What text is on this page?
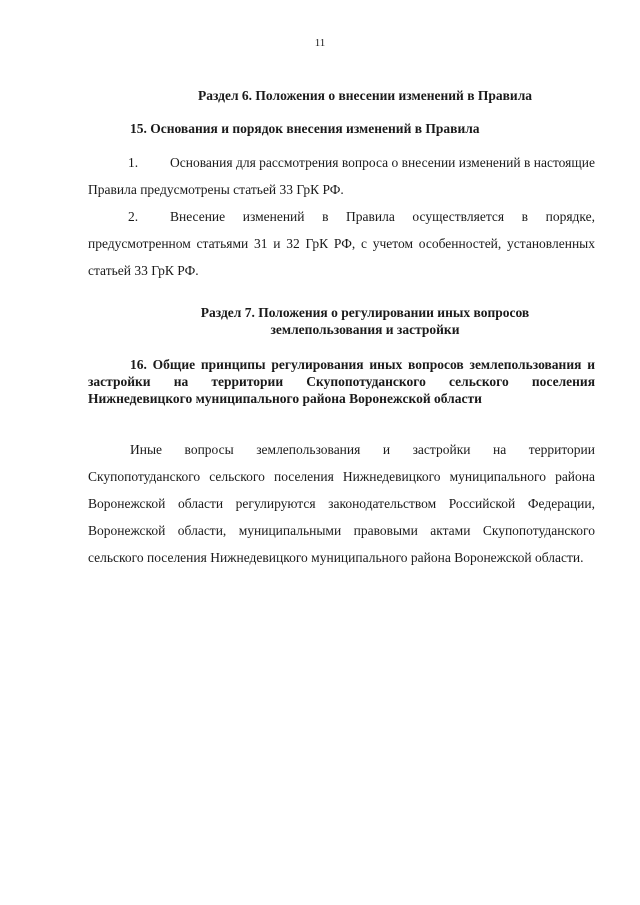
11
Раздел 6. Положения о внесении изменений в Правила
15. Основания и порядок внесения изменений в Правила
1. Основания для рассмотрения вопроса о внесении изменений в настоящие Правила предусмотрены статьей 33 ГрК РФ.
2. Внесение изменений в Правила осуществляется в порядке, предусмотренном статьями 31 и 32 ГрК РФ, с учетом особенностей, установленных статьей 33 ГрК РФ.
Раздел 7. Положения о регулировании иных вопросов
землепользования и застройки
16. Общие принципы регулирования иных вопросов землепользования и застройки на территории Скупопотуданского сельского поселения Нижнедевицкого муниципального района Воронежской области
Иные вопросы землепользования и застройки на территории Скупопотуданского сельского поселения Нижнедевицкого муниципального района Воронежской области регулируются законодательством Российской Федерации, Воронежской области, муниципальными правовыми актами Скупопотуданского сельского поселения Нижнедевицкого муниципального района Воронежской области.
